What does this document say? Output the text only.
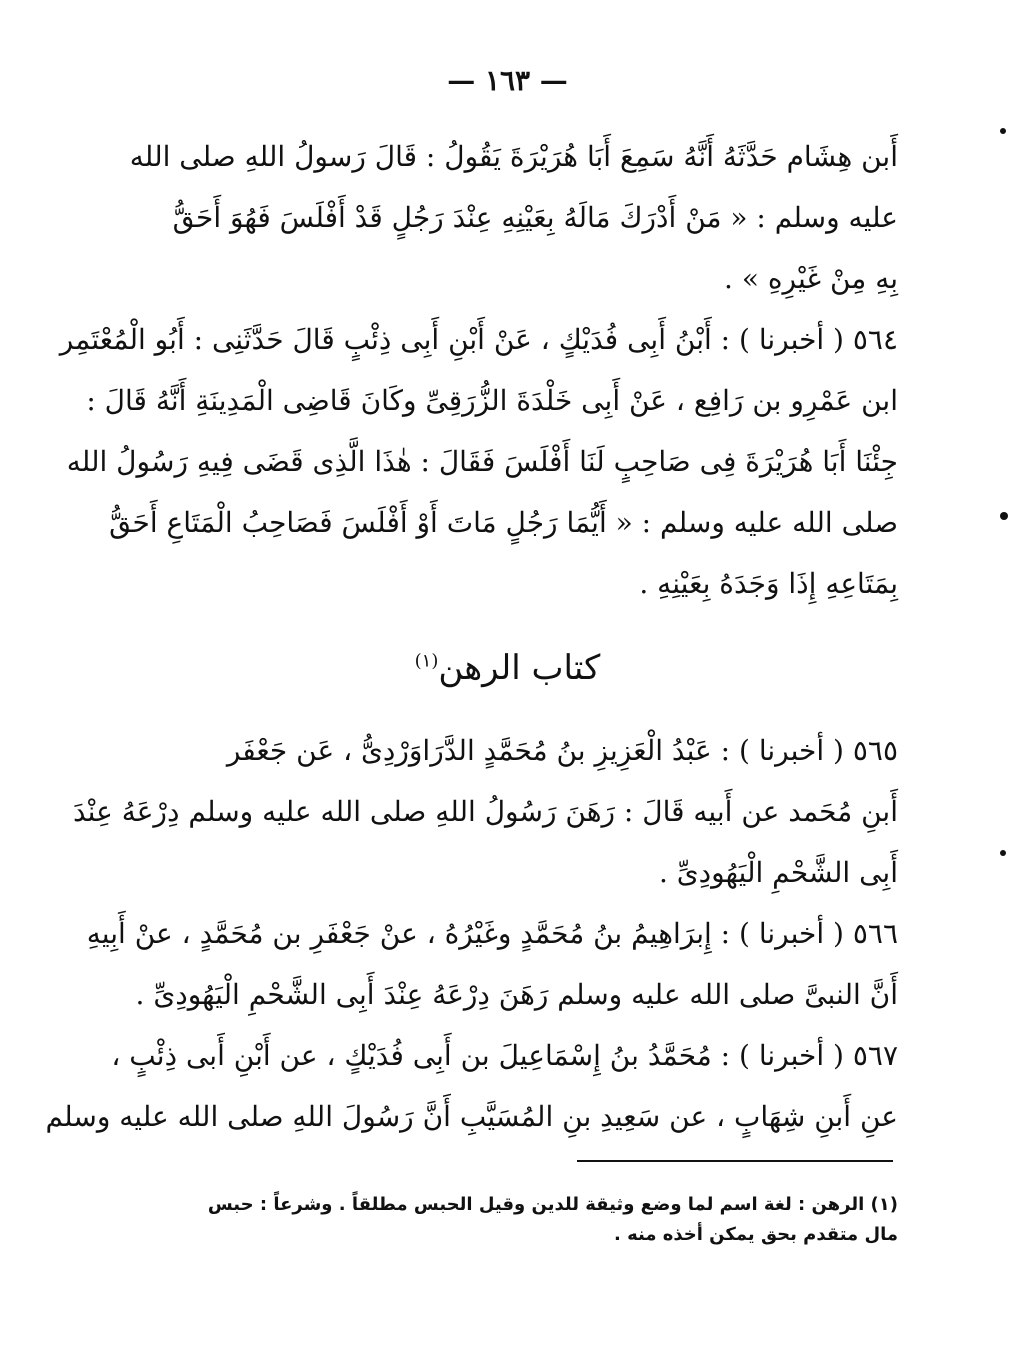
— ١٦٣ —
أَبن هِشَام حَدَّثَهُ أَنَّهُ سَمِعَ أَبَا هُرَيْرَةَ يَقُولُ : قَالَ رَسولُ اللهِ صلى الله
عليه وسلم : « مَنْ أَدْرَكَ مَالَهُ بِعَيْنِهِ عِنْدَ رَجُلٍ قَدْ أَفْلَسَ فَهُوَ أَحَقُّ
بِهِ مِنْ غَيْرِهِ » .
٥٦٤ ( أخبرنا ) : أَبْنُ أَبِى فُدَيْكٍ ، عَنْ أَبْنِ أَبِى ذِئْبٍ قَالَ حَدَّثَنِى : أَبُو الْمُعْتَمِر
ابن عَمْرِو بن رَافِع ، عَنْ أَبِى خَلْدَةَ الزُّرَقِىِّ وكَانَ قَاضِى الْمَدِينَةِ أَنَّهُ قَالَ :
جِئْنَا أَبَا هُرَيْرَةَ فِى صَاحِبٍ لَنَا أَفْلَسَ فَقَالَ : هٰذَا الَّذِى قَضَى فِيهِ رَسُولُ الله
صلى الله عليه وسلم : « أَيُّمَا رَجُلٍ مَاتَ أَوْ أَفْلَسَ فَصَاحِبُ الْمَتَاعِ أَحَقُّ
بِمَتَاعِهِ إِذَا وَجَدَهُ بِعَيْنِهِ .
كتاب الرهن$^{(١)}$
٥٦٥ ( أخبرنا ) : عَبْدُ الْعَزِيزِ بنُ مُحَمَّدٍ الدَّرَاوَرْدِىُّ ، عَن جَعْفَر
أَبنِ مُحَمد عن أَبيه قَالَ : رَهَنَ رَسُولُ اللهِ صلى الله عليه وسلم دِرْعَهُ عِنْدَ
أَبِى الشَّحْمِ الْيَهُودِىِّ .
٥٦٦ ( أخبرنا ) : إِبرَاهِيمُ بنُ مُحَمَّدٍ وغَيْرُهُ ، عنْ جَعْفَرِ بن مُحَمَّدٍ ، عنْ أَبِيهِ
أَنَّ النبىَّ صلى الله عليه وسلم رَهَنَ دِرْعَهُ عِنْدَ أَبِى الشَّحْمِ الْيَهُودِىِّ .
٥٦٧ ( أخبرنا ) : مُحَمَّدُ بنُ إِسْمَاعِيلَ بن أَبِى فُدَيْكٍ ، عن أَبْنِ أَبى ذِئْبٍ ،
عنِ أَبنِ شِهَابٍ ، عن سَعِيدِ بنِ المُسَيَّبِ أَنَّ رَسُولَ اللهِ صلى الله عليه وسلم
(١) الرهن : لغة اسم لما وضع وثيقة للدين وقيل الحبس مطلقاً . وشرعاً : حبس
مال متقدم بحق يمكن أخذه منه .
